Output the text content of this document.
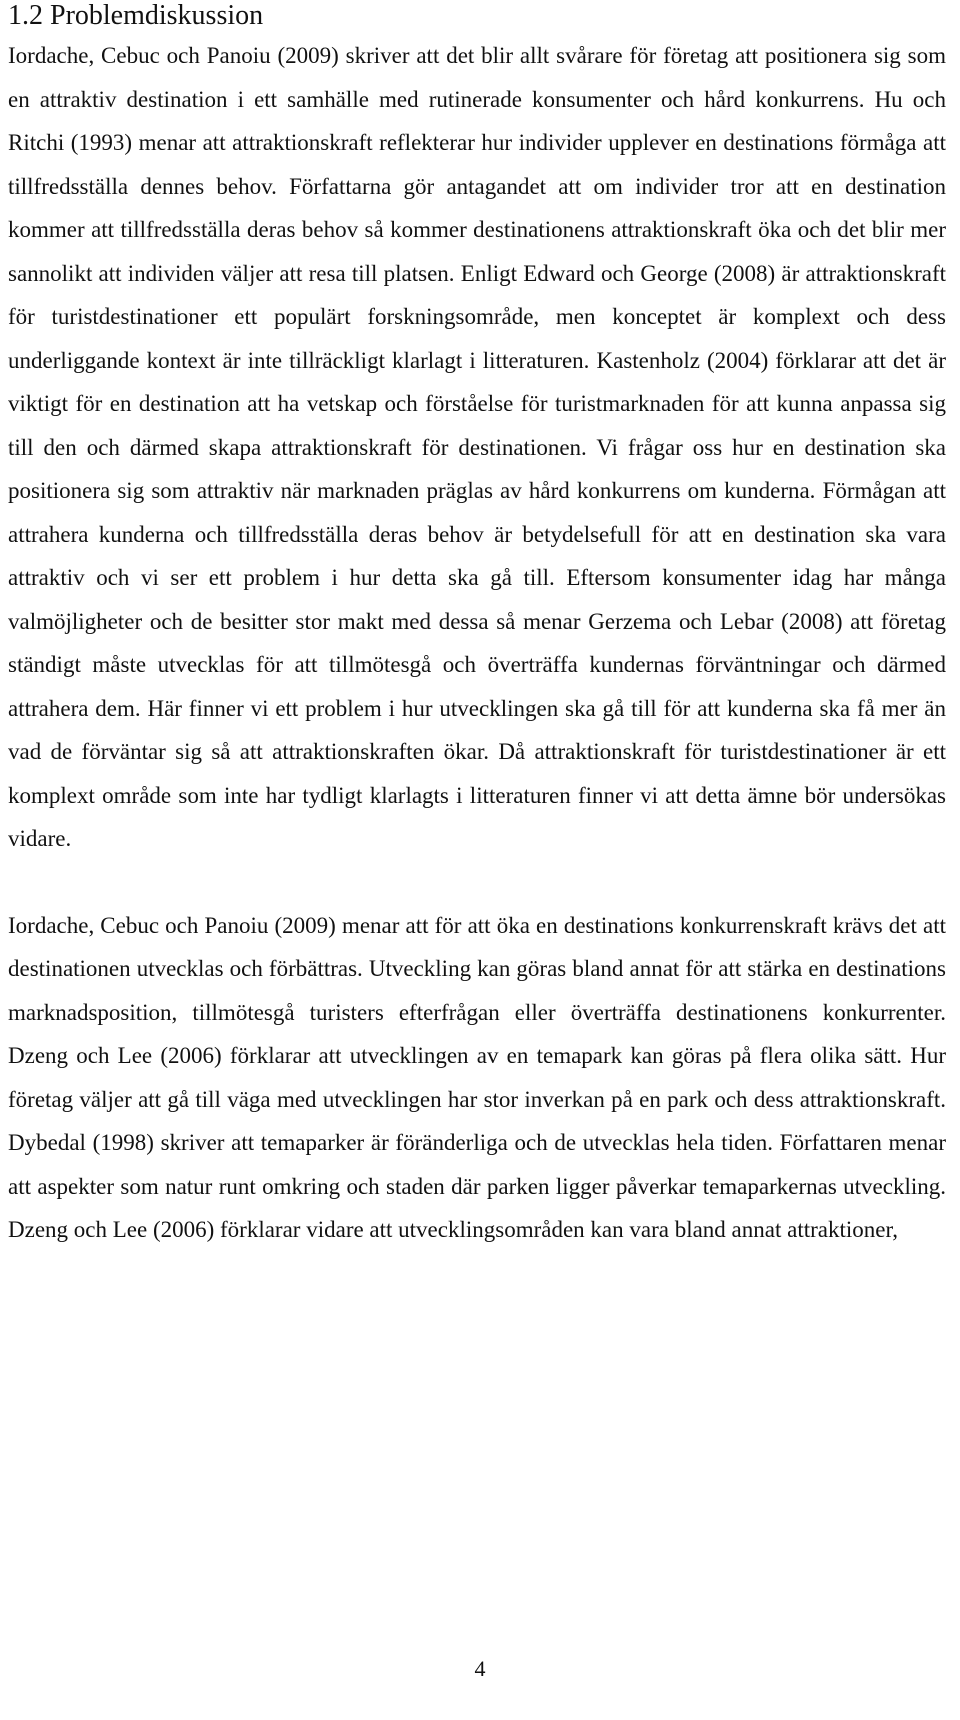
1.2 Problemdiskussion

Iordache, Cebuc och Panoiu (2009) skriver att det blir allt svårare för företag att positionera sig som en attraktiv destination i ett samhälle med rutinerade konsumenter och hård konkurrens. Hu och Ritchi (1993) menar att attraktionskraft reflekterar hur individer upplever en destinations förmåga att tillfredsställa dennes behov. Författarna gör antagandet att om individer tror att en destination kommer att tillfredsställa deras behov så kommer destinationens attraktionskraft öka och det blir mer sannolikt att individen väljer att resa till platsen. Enligt Edward och George (2008) är attraktionskraft för turistdestinationer ett populärt forskningsområde, men konceptet är komplext och dess underliggande kontext är inte tillräckligt klarlagt i litteraturen. Kastenholz (2004) förklarar att det är viktigt för en destination att ha vetskap och förståelse för turistmarknaden för att kunna anpassa sig till den och därmed skapa attraktionskraft för destinationen. Vi frågar oss hur en destination ska positionera sig som attraktiv när marknaden präglas av hård konkurrens om kunderna. Förmågan att attrahera kunderna och tillfredsställa deras behov är betydelsefull för att en destination ska vara attraktiv och vi ser ett problem i hur detta ska gå till. Eftersom konsumenter idag har många valmöjligheter och de besitter stor makt med dessa så menar Gerzema och Lebar (2008) att företag ständigt måste utvecklas för att tillmötesgå och överträffa kundernas förväntningar och därmed attrahera dem. Här finner vi ett problem i hur utvecklingen ska gå till för att kunderna ska få mer än vad de förväntar sig så att attraktionskraften ökar. Då attraktionskraft för turistdestinationer är ett komplext område som inte har tydligt klarlagts i litteraturen finner vi att detta ämne bör undersökas vidare.

Iordache, Cebuc och Panoiu (2009) menar att för att öka en destinations konkurrenskraft krävs det att destinationen utvecklas och förbättras. Utveckling kan göras bland annat för att stärka en destinations marknadsposition, tillmötesgå turisters efterfrågan eller överträffa destinationens konkurrenter. Dzeng och Lee (2006) förklarar att utvecklingen av en temapark kan göras på flera olika sätt. Hur företag väljer att gå till väga med utvecklingen har stor inverkan på en park och dess attraktionskraft. Dybedal (1998) skriver att temaparker är föränderliga och de utvecklas hela tiden. Författaren menar att aspekter som natur runt omkring och staden där parken ligger påverkar temaparkernas utveckling. Dzeng och Lee (2006) förklarar vidare att utvecklingsområden kan vara bland annat attraktioner,

4
